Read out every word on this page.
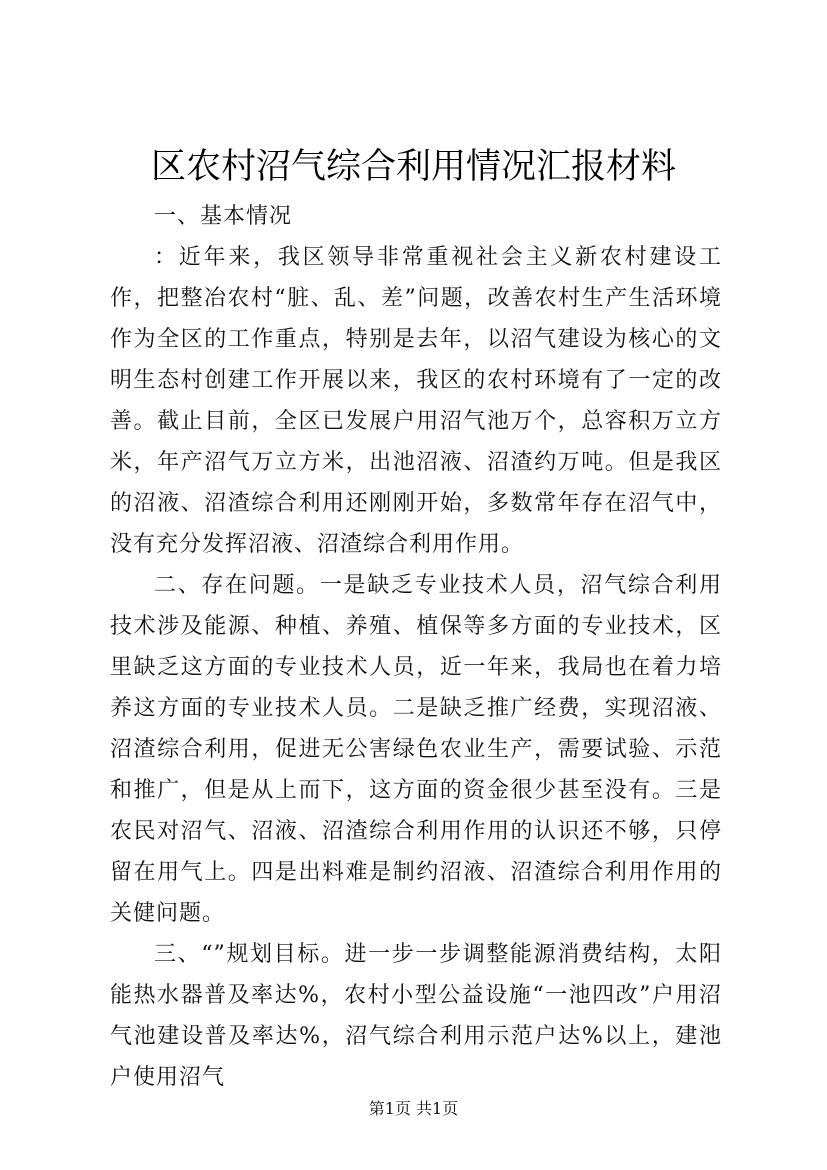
区农村沼气综合利用情况汇报材料

一、基本情况

：近年来，我区领导非常重视社会主义新农村建设工作，把整冶农村“脏、乱、差”问题，改善农村生产生活环境作为全区的工作重点，特别是去年，以沼气建设为核心的文明生态村创建工作开展以来，我区的农村环境有了一定的改善。截止目前，全区已发展户用沼气池万个，总容积万立方米，年产沼气万立方米，出池沼液、沼渣约万吨。但是我区的沼液、沼渣综合利用还刚刚开始，多数常年存在沼气中，没有充分发挥沼液、沼渣综合利用作用。

二、存在问题。一是缺乏专业技术人员，沼气综合利用技术涉及能源、种植、养殖、植保等多方面的专业技术，区里缺乏这方面的专业技术人员，近一年来，我局也在着力培养这方面的专业技术人员。二是缺乏推广经费，实现沼液、沼渣综合利用，促进无公害绿色农业生产，需要试验、示范和推广，但是从上而下，这方面的资金很少甚至没有。三是农民对沼气、沼液、沼渣综合利用作用的认识还不够，只停留在用气上。四是出料难是制约沼液、沼渣综合利用作用的关健问题。

三、“”规划目标。进一步一步调整能源消费结构，太阳能热水器普及率达%，农村小型公益设施“一池四改”户用沼气池建设普及率达%，沼气综合利用示范户达%以上，建池户使用沼气

第1页 共1页
